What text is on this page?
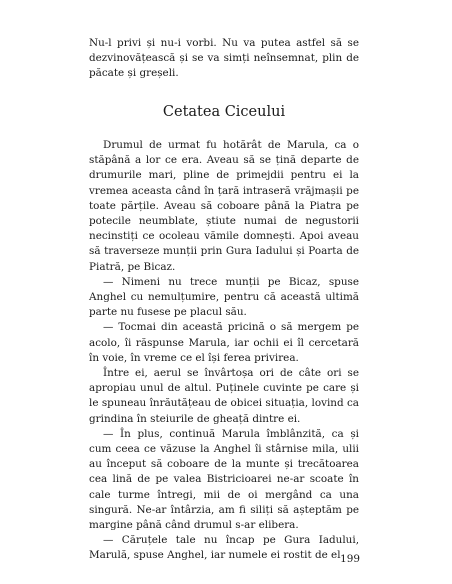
Nu-l privi și nu-i vorbi. Nu va putea astfel să se dezvinovățească și se va simți neînsemnat, plin de păcate și greșeli.

Cetatea Ciceului

Drumul de urmat fu hotărât de Marula, ca o stăpână a lor ce era. Aveau să se țină departe de drumurile mari, pline de primejdii pentru ei la vremea aceasta când în țară intraseră vrăjmașii pe toate părțile. Aveau să coboare până la Piatra pe potecile neumblate, știute numai de negustorii necinstiți ce ocoleau vămile domnești. Apoi aveau să traverseze munții prin Gura Iadului și Poarta de Piatră, pe Bicaz.

— Nimeni nu trece munții pe Bicaz, spuse Anghel cu nemulțumire, pentru că această ultimă parte nu fusese pe placul său.

— Tocmai din această pricină o să mergem pe acolo, îi răspunse Marula, iar ochii ei îl cercetară în voie, în vreme ce el își ferea privirea.

Între ei, aerul se învârtoșa ori de câte ori se apropiau unul de altul. Puținele cuvinte pe care și le spuneau înrăutățeau de obicei situația, lovind ca grindina în steiurile de gheață dintre ei.

— În plus, continuă Marula îmblânzită, ca și cum ceea ce văzuse la Anghel îi stârnise mila, ulii au început să coboare de la munte și trecătoarea cea lină de pe valea Bistricioarei ne-ar scoate în cale turme întregi, mii de oi mergând ca una singură. Ne-ar întârzia, am fi siliți să așteptăm pe margine până când drumul s-ar elibera.

— Căruțele tale nu încap pe Gura Iadului, Marulă, spuse Anghel, iar numele ei rostit de el 199
